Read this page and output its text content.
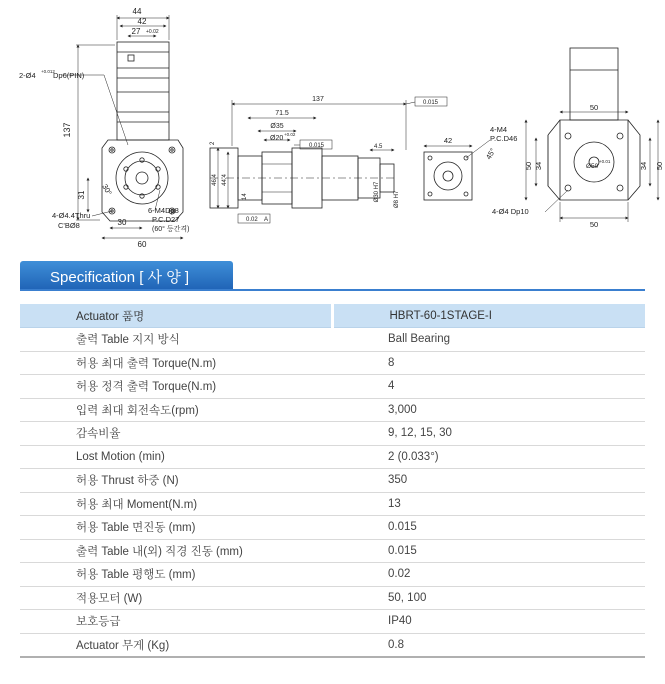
44
42
27 +0.02
2-Ø4 +0.012
Dp6(PIN)
137
31 30°
4-Ø4.4Thru
C'BØ8
6-M4Dp8
P.C.D27
(60° 등간격)
30
60
137
71.5
Ø35
Ø20
+0.02
0.015
0.015
46.4 44.4
2
14
4.5
Ø30 H7 Ø8 H7
0.02 A
42
4-M4
P.C.D46
45°
50
34
50	34 50
Ø50
+0.01
4-Ø4 Dp10
50
Specification [ 사 양 ]
Actuator 품명	HBRT-60-1STAGE-I
출력 Table 지지 방식	Ball Bearing
허용 최대 출력 Torque(N.m)	8
허용 정격 출력 Torque(N.m)	4
입력 최대 회전속도(rpm)	3,000
감속비율	9, 12, 15, 30
Lost Motion (min)	2 (0.033°)
허용 Thrust 하중 (N)	350
허용 최대 Moment(N.m)	13
허용 Table 면진동 (mm)	0.015
출력 Table 내(외) 직경 진동 (mm)	0.015
허용 Table 평행도 (mm)	0.02
적용모터 (W)	50, 100
보호등급	IP40
Actuator 무게 (Kg)	0.8
